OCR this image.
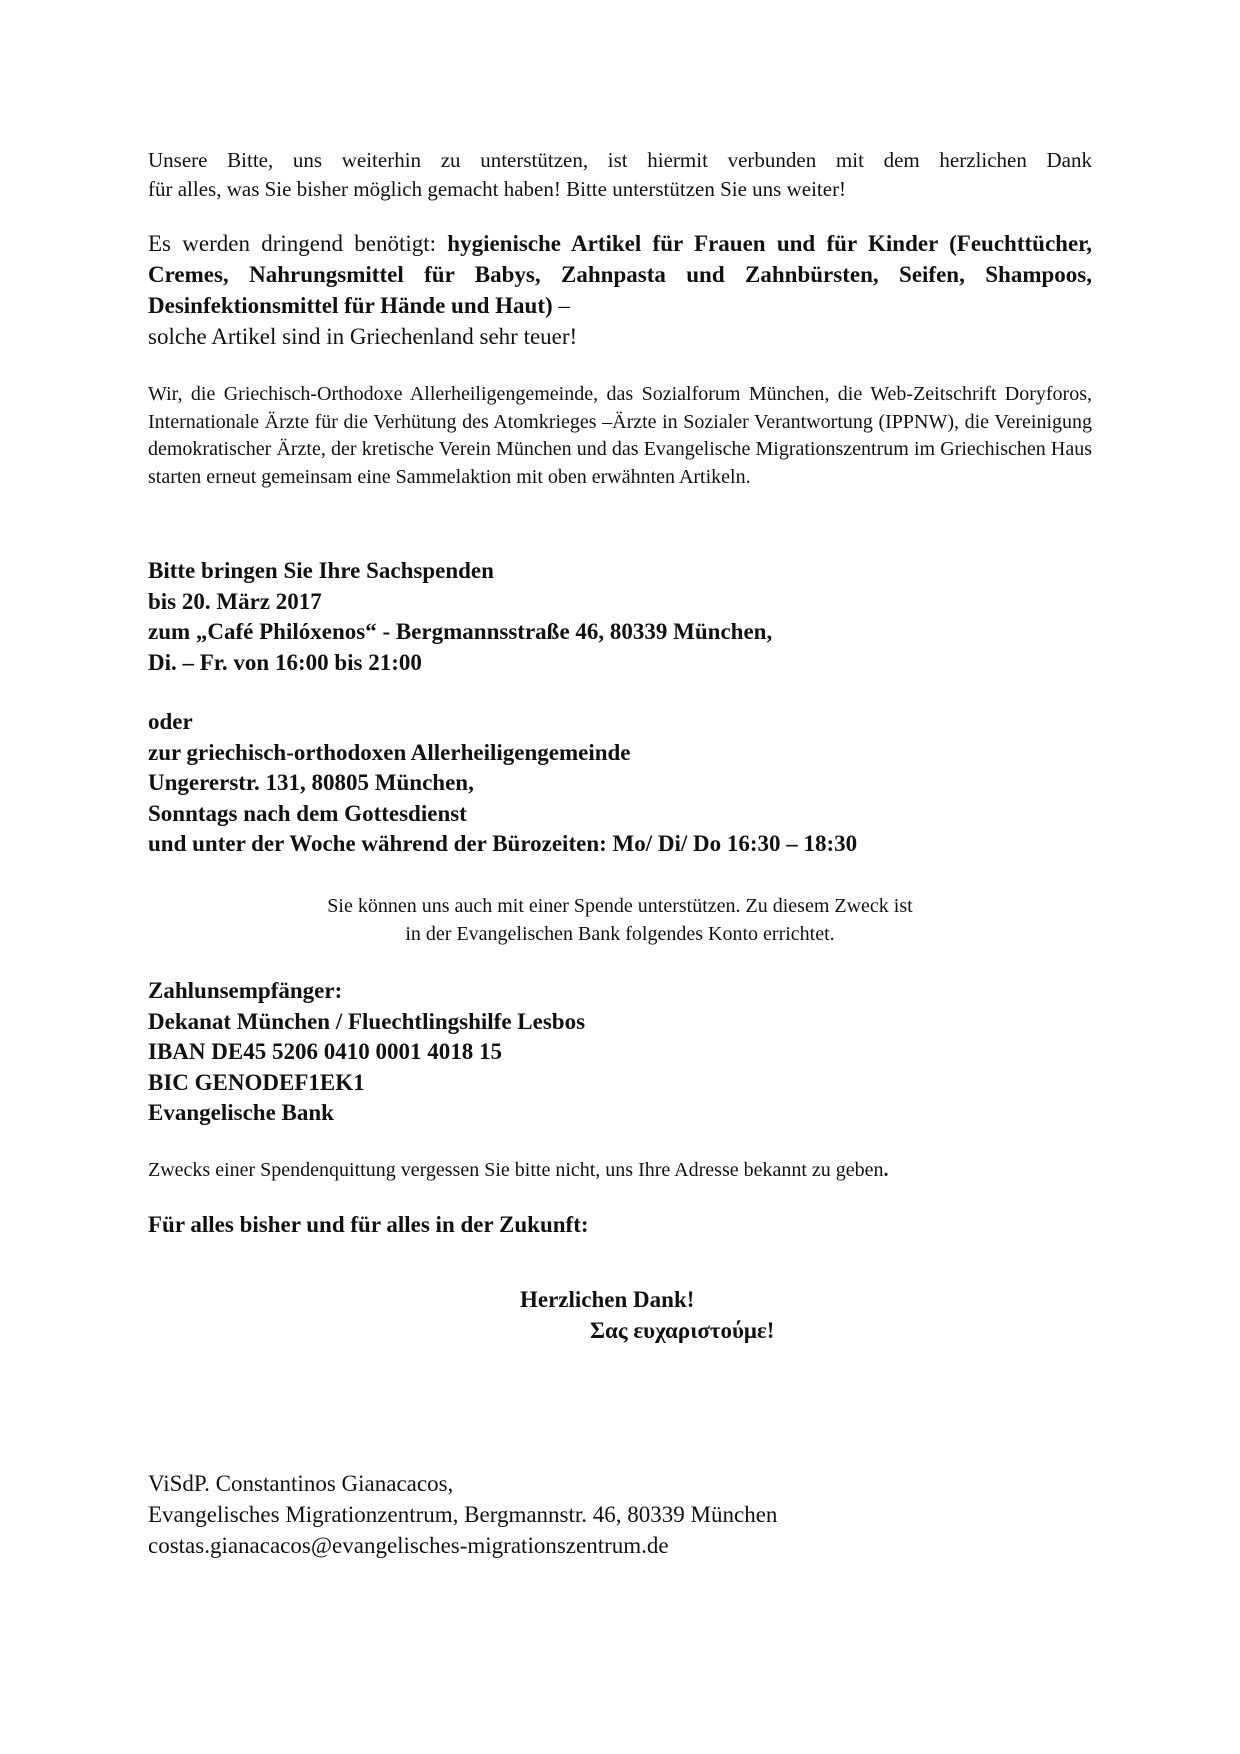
Unsere Bitte, uns weiterhin zu unterstützen, ist hiermit verbunden mit dem herzlichen Dank
für alles, was Sie bisher möglich gemacht haben! Bitte unterstützen Sie uns weiter!
Es werden dringend benötigt: hygienische Artikel für Frauen und für Kinder (Feuchttücher, Cremes, Nahrungsmittel für Babys, Zahnpasta und Zahnbürsten, Seifen, Shampoos, Desinfektionsmittel für Hände und Haut) –
solche Artikel sind in Griechenland sehr teuer!
Wir, die Griechisch-Orthodoxe Allerheiligengemeinde, das Sozialforum München, die Web-Zeitschrift Doryforos, Internationale Ärzte für die Verhütung des Atomkrieges –Ärzte in Sozialer Verantwortung (IPPNW), die Vereinigung demokratischer Ärzte, der kretische Verein München und das Evangelische Migrationszentrum im Griechischen Haus starten erneut gemeinsam eine Sammelaktion mit oben erwähnten Artikeln.
Bitte bringen Sie Ihre Sachspenden
bis 20. März 2017
zum „Café Philóxenos“ - Bergmannsstraße 46, 80339 München,
Di. – Fr. von 16:00 bis 21:00
oder
zur griechisch-orthodoxen Allerheiligengemeinde
Ungererstr. 131, 80805 München,
Sonntags nach dem Gottesdienst
und unter der Woche während der Bürozeiten: Mo/ Di/ Do 16:30 – 18:30
Sie können uns auch mit einer Spende unterstützen. Zu diesem Zweck ist
in der Evangelischen Bank folgendes Konto errichtet.
Zahlunsempfänger:
Dekanat München / Fluechtlingshilfe Lesbos
IBAN DE45 5206 0410 0001 4018 15
BIC GENODEF1EK1
Evangelische Bank
Zwecks einer Spendenquittung vergessen Sie bitte nicht, uns Ihre Adresse bekannt zu geben.
Für alles bisher und für alles in der Zukunft:
Herzlichen Dank!
Σας ευχαριστούμε!
ViSdP. Constantinos Gianacacos,
Evangelisches Migrationzentrum, Bergmannstr. 46, 80339 München
costas.gianacacos@evangelisches-migrationszentrum.de
